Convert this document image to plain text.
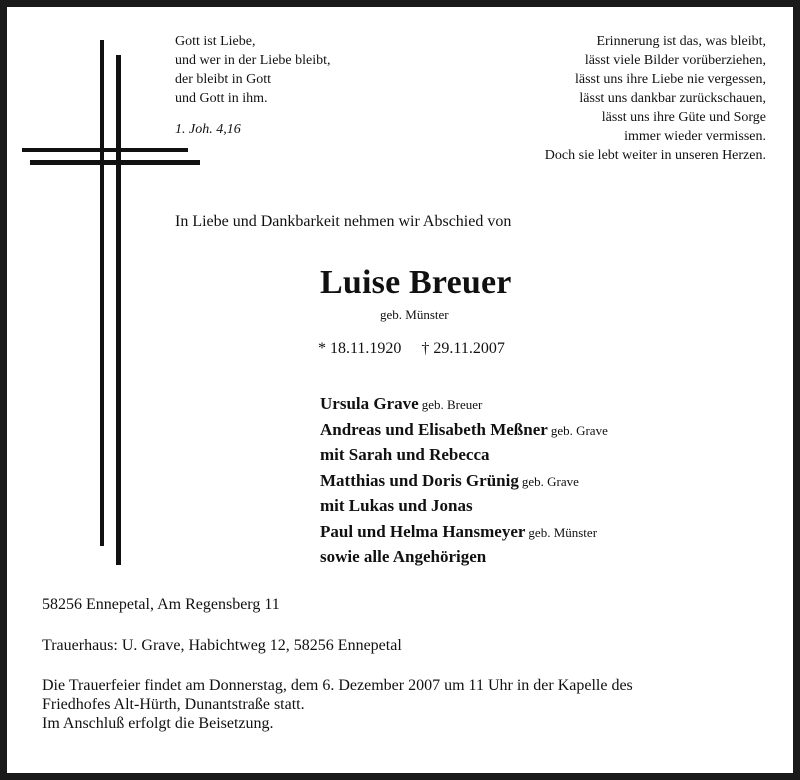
Gott ist Liebe,
und wer in der Liebe bleibt,
der bleibt in Gott
und Gott in ihm.
1. Joh. 4,16
Erinnerung ist das, was bleibt,
lässt viele Bilder vorüberziehen,
lässt uns ihre Liebe nie vergessen,
lässt uns dankbar zurückschauen,
lässt uns ihre Güte und Sorge
immer wieder vermissen.
Doch sie lebt weiter in unseren Herzen.
In Liebe und Dankbarkeit nehmen wir Abschied von
Luise Breuer
geb. Münster
* 18.11.1920 † 29.11.2007
Ursula Grave geb. Breuer
Andreas und Elisabeth Meßner geb. Grave
mit Sarah und Rebecca
Matthias und Doris Grünig geb. Grave
mit Lukas und Jonas
Paul und Helma Hansmeyer geb. Münster
sowie alle Angehörigen
58256 Ennepetal, Am Regensberg 11
Trauerhaus: U. Grave, Habichtweg 12, 58256 Ennepetal
Die Trauerfeier findet am Donnerstag, dem 6. Dezember 2007 um 11 Uhr in der Kapelle des
Friedhofes Alt-Hürth, Dunantstraße statt.
Im Anschluß erfolgt die Beisetzung.
